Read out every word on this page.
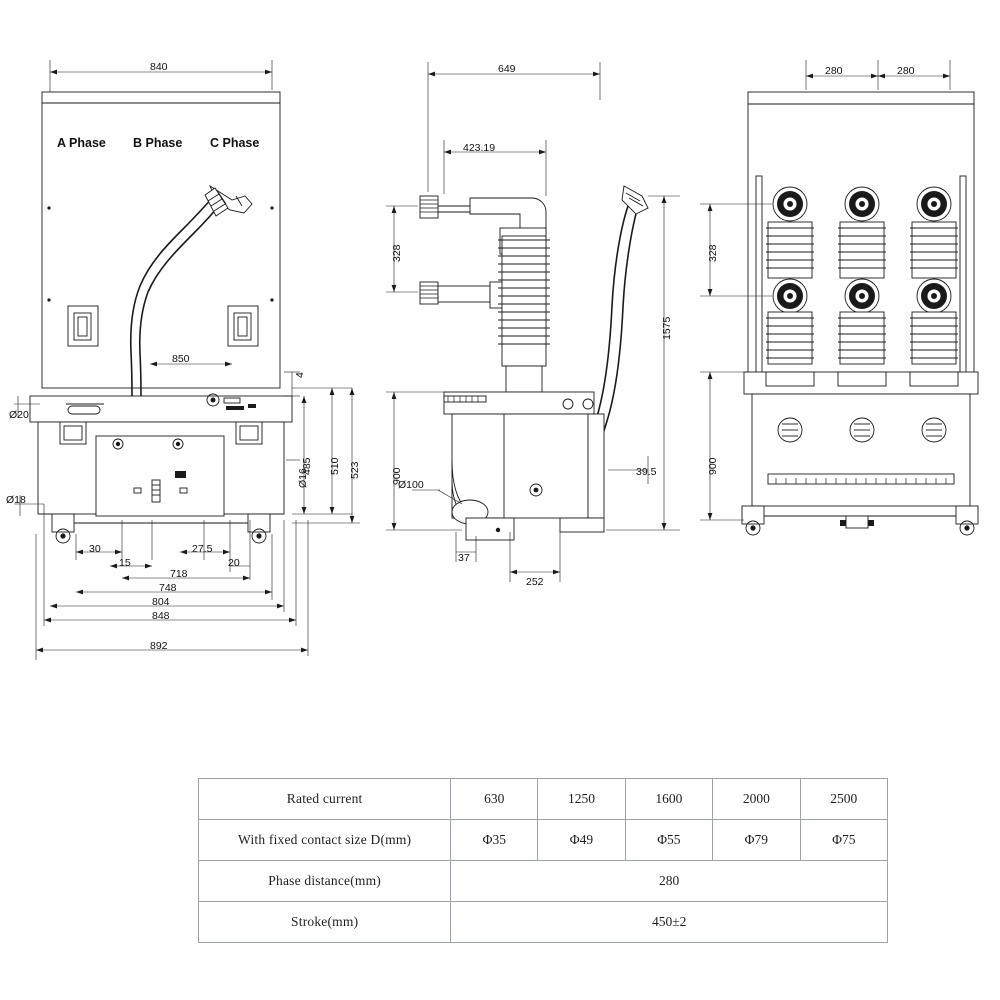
A Phase B Phase C Phase
840
850
4
Ø20
Ø18
Ø16
485 510 523
30
15
27.5
20
718
748
804
848
892
649
423.19
328
900
1575
Ø100
37
252
39.5
280	280
328
900
Rated current	630	1250	1600	2000	2500
With fixed contact size D(mm)	Φ35	Φ49	Φ55	Φ79	Φ75
Phase distance(mm)	280				
Stroke(mm)	450±2				
